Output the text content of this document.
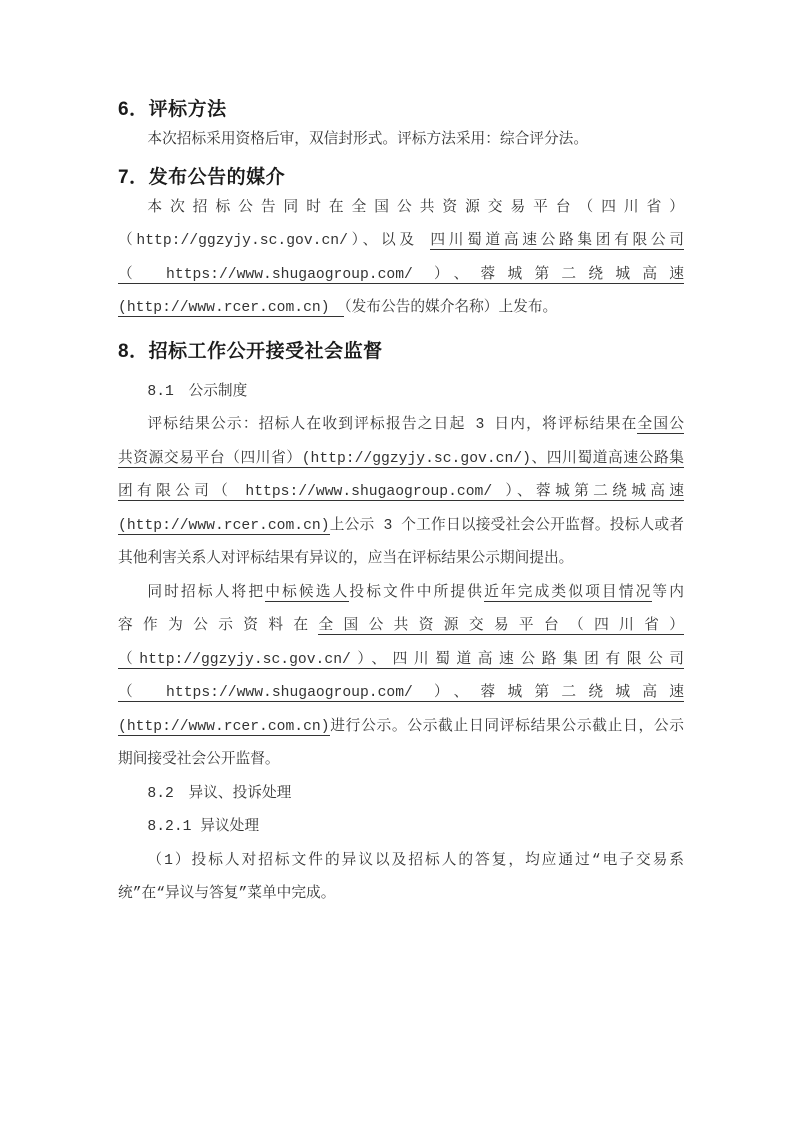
6．评标方法
本次招标采用资格后审，双信封形式。评标方法采用：综合评分法。
7．发布公告的媒介
本次招标公告同时在全国公共资源交易平台（四川省）
（http://ggzyjy.sc.gov.cn/）、以及 四川蜀道高速公路集团有限公司
（ https://www.shugaogroup.com/ ）、蓉城第二绕城高速
(http://www.rcer.com.cn)　（发布公告的媒介名称）上发布。
8．招标工作公开接受社会监督
8.1　公示制度
评标结果公示：招标人在收到评标报告之日起 3 日内，将评标结果在全国公
共资源交易平台（四川省）(http://ggzyjy.sc.gov.cn/)、四川蜀道高速公路集
团有限公司（ https://www.shugaogroup.com/ ）、蓉城第二绕城高速
(http://www.rcer.com.cn)上公示 3 个工作日以接受社会公开监督。投标人或者
其他利害关系人对评标结果有异议的，应当在评标结果公示期间提出。
同时招标人将把中标候选人投标文件中所提供近年完成类似项目情况等内
容作为公示资料在全国公共资源交易平台（四川省）
（http://ggzyjy.sc.gov.cn/）、四川蜀道高速公路集团有限公司
（ https://www.shugaogroup.com/ ）、蓉城第二绕城高速
(http://www.rcer.com.cn)进行公示。公示截止日同评标结果公示截止日，公示
期间接受社会公开监督。
8.2　异议、投诉处理
8.2.1 异议处理
（1）投标人对招标文件的异议以及招标人的答复，均应通过“电子交易系
统”在“异议与答复”菜单中完成。
